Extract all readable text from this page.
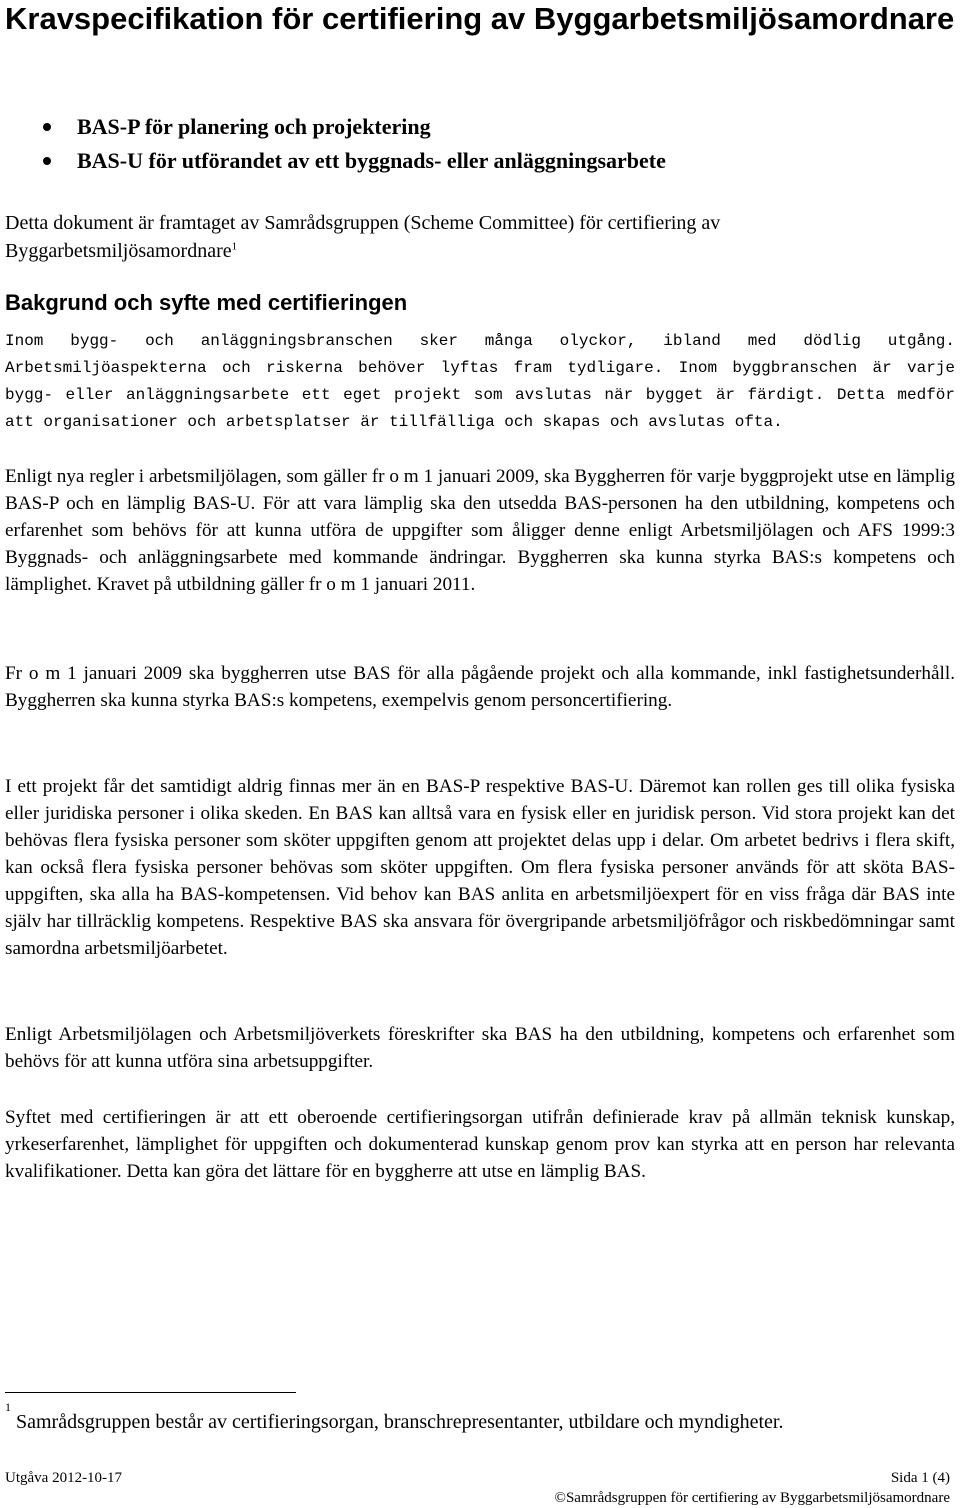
Kravspecifikation för certifiering av Byggarbetsmiljösamordnare
BAS-P för planering och projektering
BAS-U för utförandet av ett byggnads- eller anläggningsarbete

Detta dokument är framtaget av Samrådsgruppen (Scheme Committee) för certifiering av Byggarbetsmiljösamordnare$^1$

Bakgrund och syfte med certifieringen

Inom bygg- och anläggningsbranschen sker många olyckor, ibland med dödlig utgång. Arbetsmiljöaspekterna och riskerna behöver lyftas fram tydligare. Inom byggbranschen är varje bygg- eller anläggningsarbete ett eget projekt som avslutas när bygget är färdigt. Detta medför att organisationer och arbetsplatser är tillfälliga och skapas och avslutas ofta.

Enligt nya regler i arbetsmiljölagen, som gäller fr o m 1 januari 2009, ska Byggherren för varje byggprojekt utse en lämplig BAS-P och en lämplig BAS-U. För att vara lämplig ska den utsedda BAS-personen ha den utbildning, kompetens och erfarenhet som behövs för att kunna utföra de uppgifter som åligger denne enligt Arbetsmiljölagen och AFS 1999:3 Byggnads- och anläggningsarbete med kommande ändringar. Byggherren ska kunna styrka BAS:s kompetens och lämplighet. Kravet på utbildning gäller fr o m 1 januari 2011.

Fr o m 1 januari 2009 ska byggherren utse BAS för alla pågående projekt och alla kommande, inkl fastighetsunderhåll. Byggherren ska kunna styrka BAS:s kompetens, exempelvis genom personcertifiering.

I ett projekt får det samtidigt aldrig finnas mer än en BAS-P respektive BAS-U. Däremot kan rollen ges till olika fysiska eller juridiska personer i olika skeden. En BAS kan alltså vara en fysisk eller en juridisk person. Vid stora projekt kan det behövas flera fysiska personer som sköter uppgiften genom att projektet delas upp i delar. Om arbetet bedrivs i flera skift, kan också flera fysiska personer behövas som sköter uppgiften. Om flera fysiska personer används för att sköta BAS-uppgiften, ska alla ha BAS-kompetensen. Vid behov kan BAS anlita en arbetsmiljöexpert för en viss fråga där BAS inte själv har tillräcklig kompetens. Respektive BAS ska ansvara för övergripande arbetsmiljöfrågor och riskbedömningar samt samordna arbetsmiljöarbetet.

Enligt Arbetsmiljölagen och Arbetsmiljöverkets föreskrifter ska BAS ha den utbildning, kompetens och erfarenhet som behövs för att kunna utföra sina arbetsuppgifter.

Syftet med certifieringen är att ett oberoende certifieringsorgan utifrån definierade krav på allmän teknisk kunskap, yrkeserfarenhet, lämplighet för uppgiften och dokumenterad kunskap genom prov kan styrka att en person har relevanta kvalifikationer. Detta kan göra det lättare för en byggherre att utse en lämplig BAS.

$^1$ Samrådsgruppen består av certifieringsorgan, branschrepresentanter, utbildare och myndigheter.
Utgåva 2012-10-17	Sida 1 (4)
©Samrådsgruppen för certifiering av Byggarbetsmiljösamordnare
